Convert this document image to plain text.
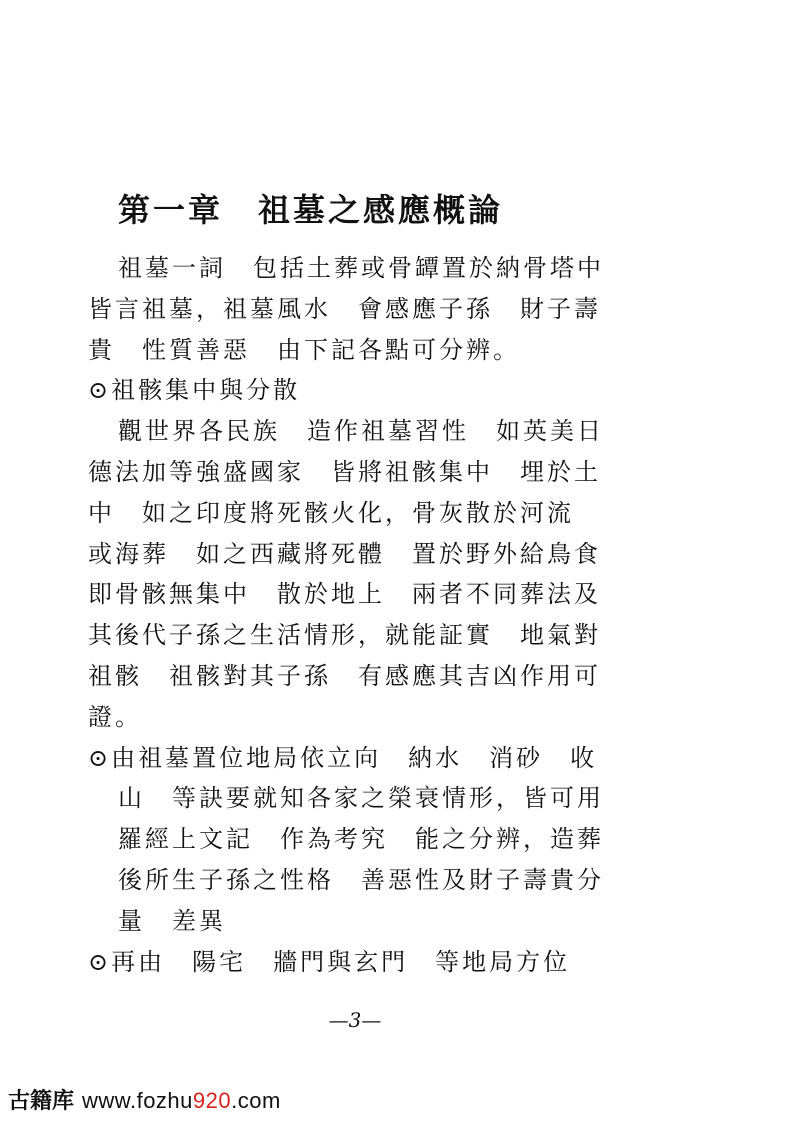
第一章　祖墓之感應概論
祖墓一詞　包括土葬或骨罈置於納骨塔中
皆言祖墓，祖墓風水　會感應子孫　財子壽
貴　性質善惡　由下記各點可分辨。
⊙祖骸集中與分散
觀世界各民族　造作祖墓習性　如英美日
德法加等強盛國家　皆將祖骸集中　埋於土
中　如之印度將死骸火化，骨灰散於河流
或海葬　如之西藏將死體　置於野外給鳥食
即骨骸無集中　散於地上　兩者不同葬法及
其後代子孫之生活情形，就能証實　地氣對
祖骸　祖骸對其子孫　有感應其吉凶作用可
證。
⊙由祖墓置位地局依立向　納水　消砂　收
山　等訣要就知各家之榮衰情形，皆可用
羅經上文記　作為考究　能之分辨，造葬
後所生子孫之性格　善惡性及財子壽貴分
量　差異
⊙再由　陽宅　牆門與玄門　等地局方位
—3—
古籍库 www.fozhu920.com
